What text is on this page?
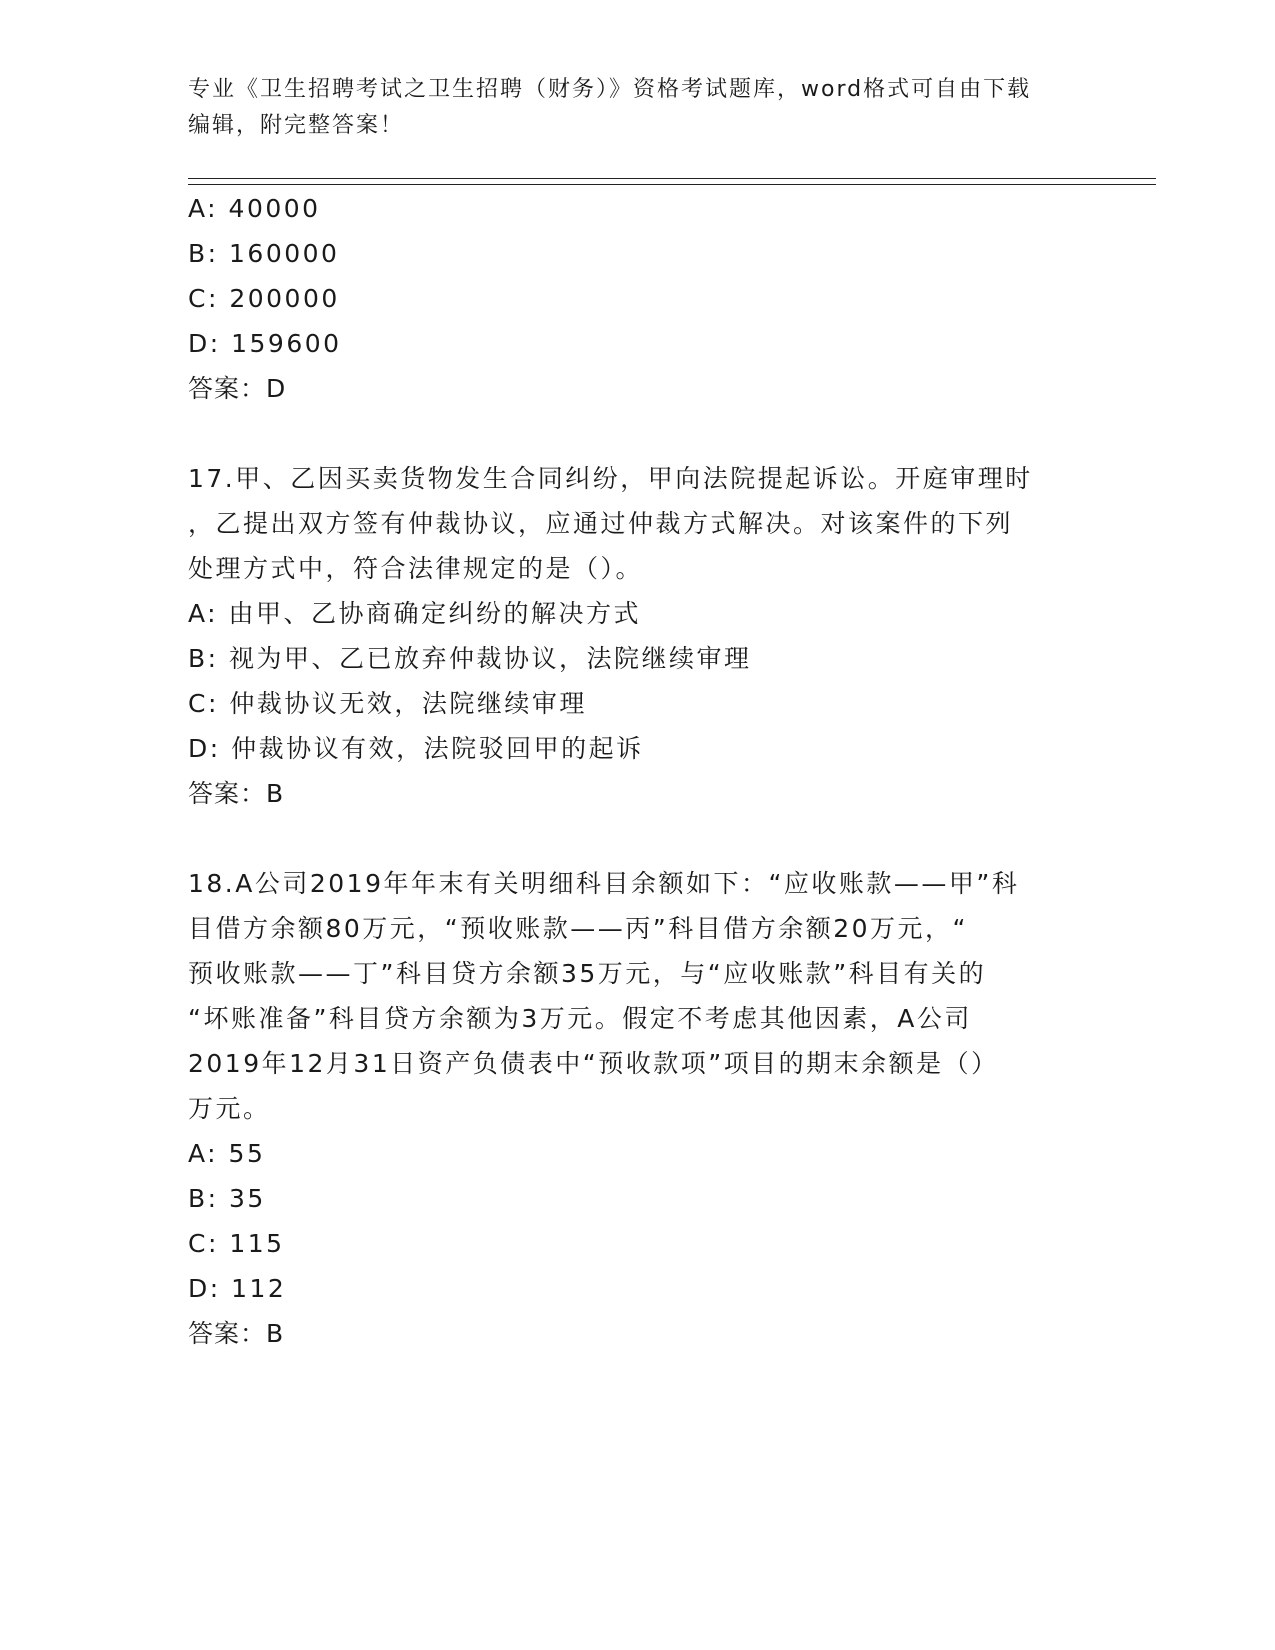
专业《卫生招聘考试之卫生招聘（财务）》资格考试题库，word格式可自由下载
编辑，附完整答案！
A: 40000
B: 160000
C: 200000
D: 159600
答案：D
17.甲、乙因买卖货物发生合同纠纷，甲向法院提起诉讼。开庭审理时
，乙提出双方签有仲裁协议，应通过仲裁方式解决。对该案件的下列
处理方式中，符合法律规定的是（）。
A: 由甲、乙协商确定纠纷的解决方式
B: 视为甲、乙已放弃仲裁协议，法院继续审理
C: 仲裁协议无效，法院继续审理
D: 仲裁协议有效，法院驳回甲的起诉
答案：B
18.A公司2019年年末有关明细科目余额如下：“应收账款——甲”科
目借方余额80万元，“预收账款——丙”科目借方余额20万元，“
预收账款——丁”科目贷方余额35万元，与“应收账款”科目有关的
“坏账准备”科目贷方余额为3万元。假定不考虑其他因素，A公司
2019年12月31日资产负债表中“预收款项”项目的期末余额是（）
万元。
A: 55
B: 35
C: 115
D: 112
答案：B
